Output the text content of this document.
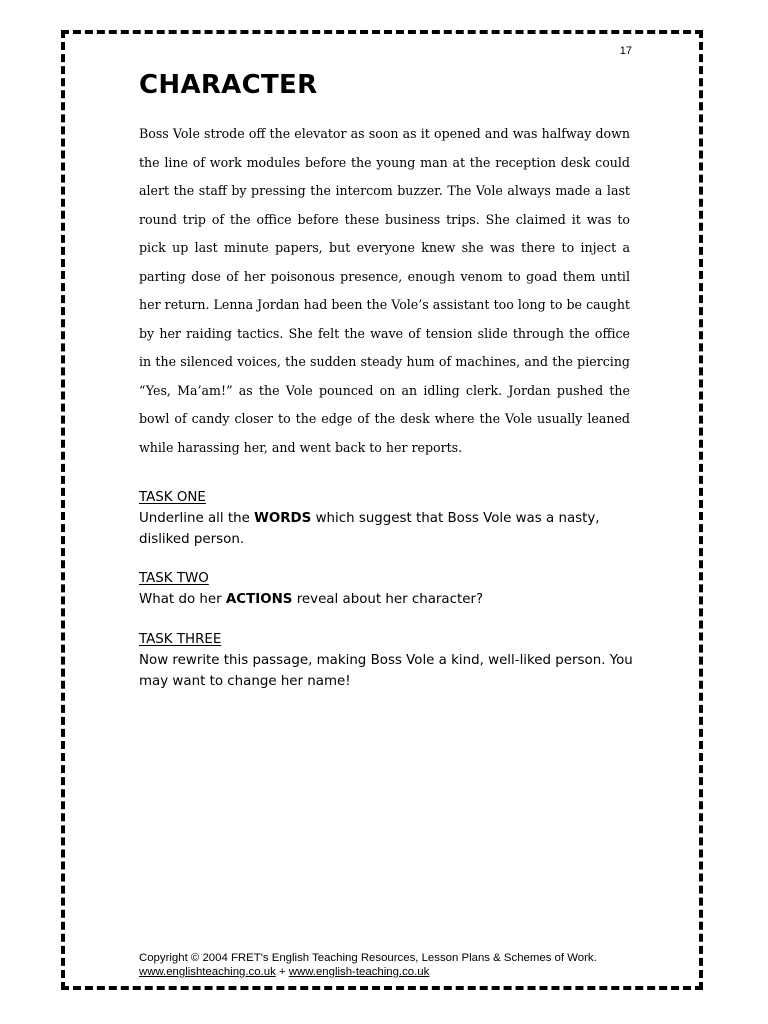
17
CHARACTER

Boss Vole strode off the elevator as soon as it opened and was halfway down the line of work modules before the young man at the reception desk could alert the staff by pressing the intercom buzzer. The Vole always made a last round trip of the office before these business trips. She claimed it was to pick up last minute papers, but everyone knew she was there to inject a parting dose of her poisonous presence, enough venom to goad them until her return. Lenna Jordan had been the Vole’s assistant too long to be caught by her raiding tactics. She felt the wave of tension slide through the office in the silenced voices, the sudden steady hum of machines, and the piercing “Yes, Ma’am!” as the Vole pounced on an idling clerk. Jordan pushed the bowl of candy closer to the edge of the desk where the Vole usually leaned while harassing her, and went back to her reports.

TASK ONE
Underline all the WORDS which suggest that Boss Vole was a nasty, disliked person.
TASK TWO
What do her ACTIONS reveal about her character?
TASK THREE
Now rewrite this passage, making Boss Vole a kind, well-liked person. You may want to change her name!
Copyright © 2004 FRET's English Teaching Resources, Lesson Plans & Schemes of Work.
www.englishteaching.co.uk + www.english-teaching.co.uk
